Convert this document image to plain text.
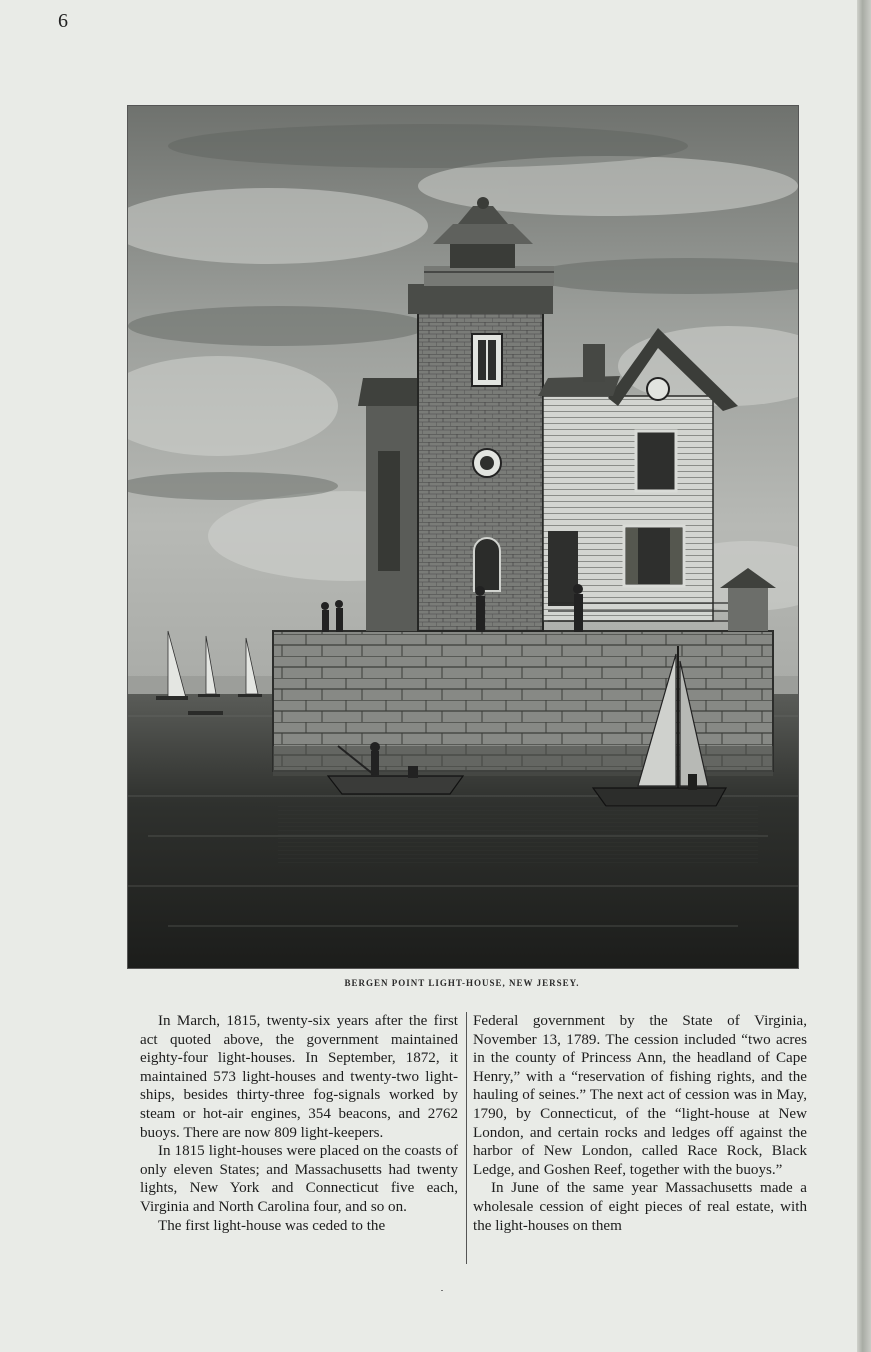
6
BERGEN POINT LIGHT-HOUSE, NEW JERSEY.

In March, 1815, twenty-six years after the first act quoted above, the government maintained eighty-four light-houses. In September, 1872, it maintained 573 light-houses and twenty-two light-ships, besides thirty-three fog-signals worked by steam or hot-air engines, 354 beacons, and 2762 buoys. There are now 809 light-keepers.

In 1815 light-houses were placed on the coasts of only eleven States; and Massachusetts had twenty lights, New York and Connecticut five each, Virginia and North Carolina four, and so on.

The first light-house was ceded to the

Federal government by the State of Virginia, November 13, 1789. The cession included “two acres in the county of Princess Ann, the headland of Cape Henry,” with a “reservation of fishing rights, and the hauling of seines.” The next act of cession was in May, 1790, by Connecticut, of the “light-house at New London, and certain rocks and ledges off against the harbor of New London, called Race Rock, Black Ledge, and Goshen Reef, together with the buoys.”

In June of the same year Massachusetts made a wholesale cession of eight pieces of real estate, with the light-houses on them
